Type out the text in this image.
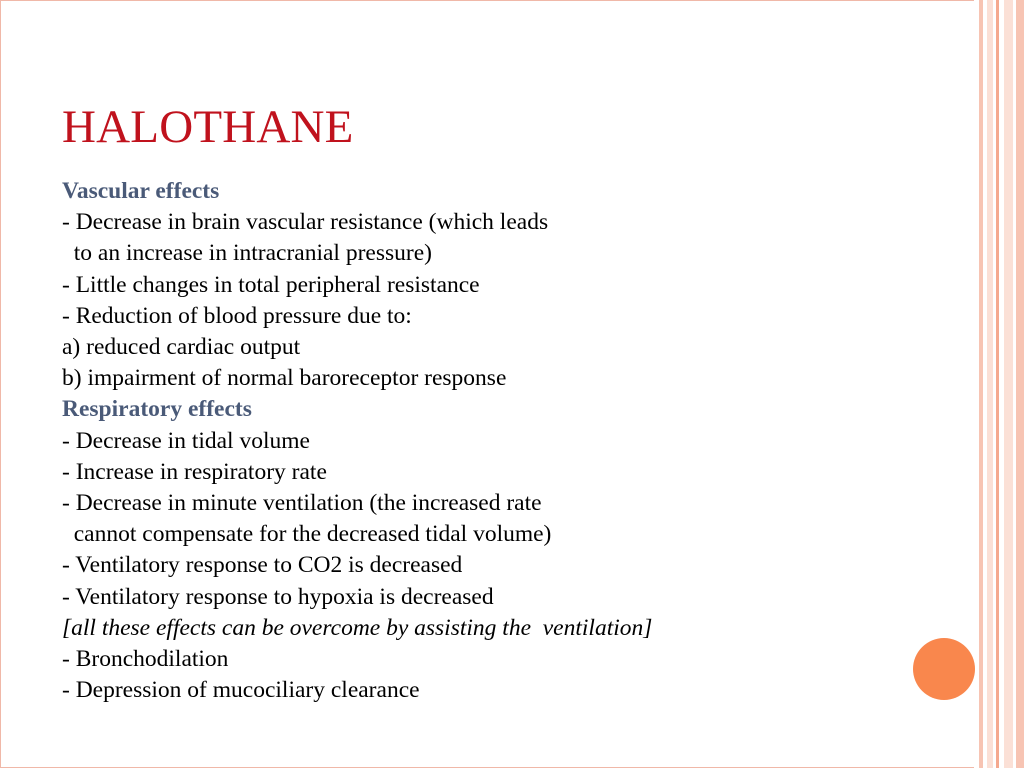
HALOTHANE

Vascular effects

- Decrease in brain vascular resistance (which leads

to an increase in intracranial pressure)

- Little changes in total peripheral resistance

- Reduction of blood pressure due to:

a) reduced cardiac output

b) impairment of normal baroreceptor response

Respiratory effects

- Decrease in tidal volume

- Increase in respiratory rate

- Decrease in minute ventilation (the increased rate

cannot compensate for the decreased tidal volume)

- Ventilatory response to CO2 is decreased

- Ventilatory response to hypoxia is decreased

[all these effects can be overcome by assisting the  ventilation]

- Bronchodilation

- Depression of mucociliary clearance
